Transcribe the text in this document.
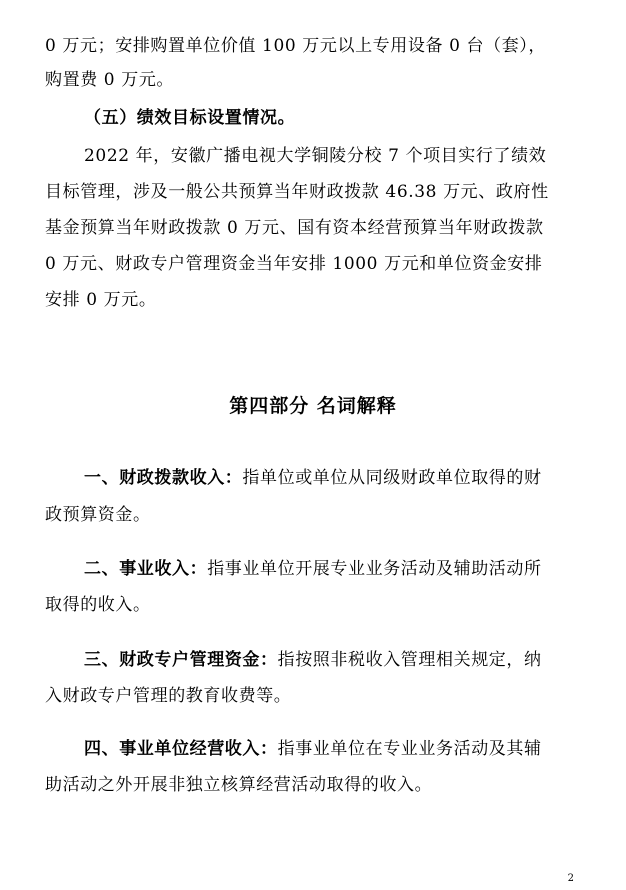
0 万元；安排购置单位价值 100 万元以上专用设备 0 台（套），
购置费 0 万元。
（五）绩效目标设置情况。
2022 年，安徽广播电视大学铜陵分校 7 个项目实行了绩效
目标管理，涉及一般公共预算当年财政拨款 46.38 万元、政府性
基金预算当年财政拨款 0 万元、国有资本经营预算当年财政拨款
0 万元、财政专户管理资金当年安排 1000 万元和单位资金安排
安排 0 万元。
第四部分 名词解释
一、财政拨款收入：指单位或单位从同级财政单位取得的财
政预算资金。
二、事业收入：指事业单位开展专业业务活动及辅助活动所
取得的收入。
三、财政专户管理资金：指按照非税收入管理相关规定，纳
入财政专户管理的教育收费等。
四、事业单位经营收入：指事业单位在专业业务活动及其辅
助活动之外开展非独立核算经营活动取得的收入。
2
